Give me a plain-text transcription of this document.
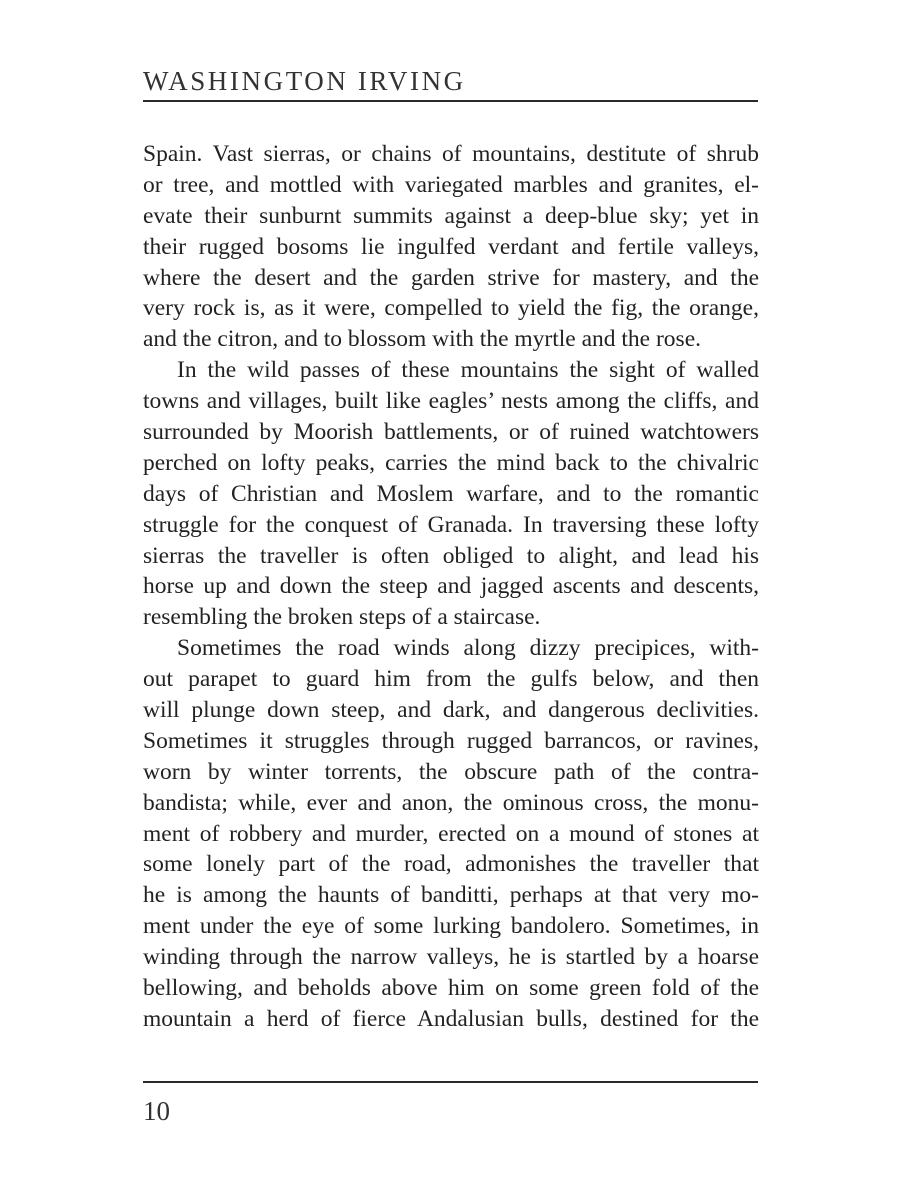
WASHINGTON IRVING
Spain. Vast sierras, or chains of mountains, destitute of shrub
or tree, and mottled with variegated marbles and granites, el-
evate their sunburnt summits against a deep-blue sky; yet in
their rugged bosoms lie ingulfed verdant and fertile valleys,
where the desert and the garden strive for mastery, and the
very rock is, as it were, compelled to yield the fig, the orange,
and the citron, and to blossom with the myrtle and the rose.
In the wild passes of these mountains the sight of walled
towns and villages, built like eagles’ nests among the cliffs, and
surrounded by Moorish battlements, or of ruined watchtowers
perched on lofty peaks, carries the mind back to the chivalric
days of Christian and Moslem warfare, and to the romantic
struggle for the conquest of Granada. In traversing these lofty
sierras the traveller is often obliged to alight, and lead his
horse up and down the steep and jagged ascents and descents,
resembling the broken steps of a staircase.
Sometimes the road winds along dizzy precipices, with-
out parapet to guard him from the gulfs below, and then
will plunge down steep, and dark, and dangerous declivities.
Sometimes it struggles through rugged barrancos, or ravines,
worn by winter torrents, the obscure path of the contra-
bandista; while, ever and anon, the ominous cross, the monu-
ment of robbery and murder, erected on a mound of stones at
some lonely part of the road, admonishes the traveller that
he is among the haunts of banditti, perhaps at that very mo-
ment under the eye of some lurking bandolero. Sometimes, in
winding through the narrow valleys, he is startled by a hoarse
bellowing, and beholds above him on some green fold of the
mountain a herd of fierce Andalusian bulls, destined for the
10
